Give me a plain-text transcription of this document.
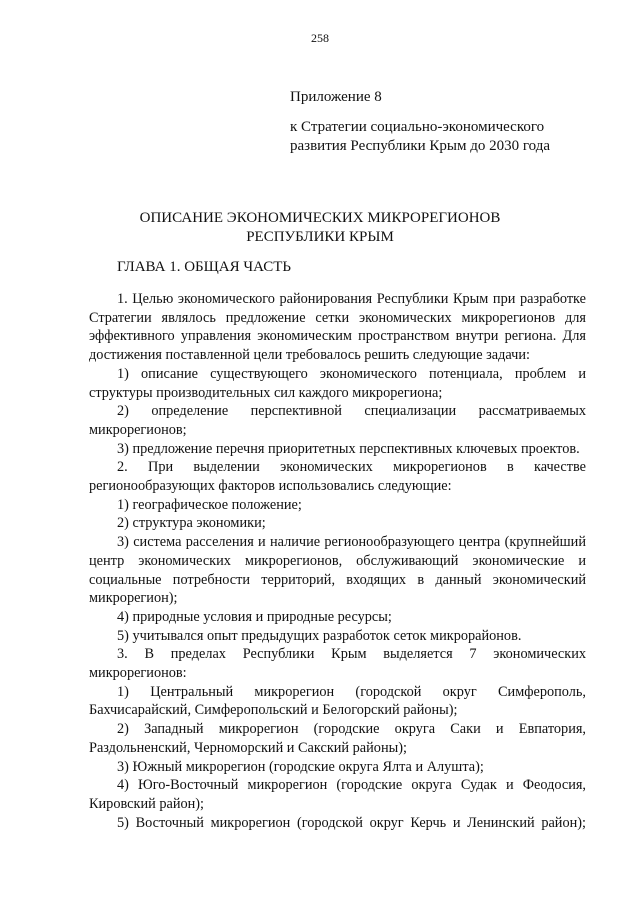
258
Приложение 8
к Стратегии социально-экономического
развития Республики Крым до 2030 года
ОПИСАНИЕ ЭКОНОМИЧЕСКИХ МИКРОРЕГИОНОВ
РЕСПУБЛИКИ КРЫМ
ГЛАВА 1. ОБЩАЯ ЧАСТЬ

1. Целью экономического районирования Республики Крым при разработке Стратегии являлось предложение сетки экономических микрорегионов для эффективного управления экономическим пространством внутри региона. Для достижения поставленной цели требовалось решить следующие задачи:

1) описание существующего экономического потенциала, проблем и структуры производительных сил каждого микрорегиона;

2) определение перспективной специализации рассматриваемых микрорегионов;

3) предложение перечня приоритетных перспективных ключевых проектов.

2. При выделении экономических микрорегионов в качестве регионообразующих факторов использовались следующие:

1) географическое положение;

2) структура экономики;

3) система расселения и наличие регионообразующего центра (крупнейший центр экономических микрорегионов, обслуживающий экономические и социальные потребности территорий, входящих в данный экономический микрорегион);

4) природные условия и природные ресурсы;

5) учитывался опыт предыдущих разработок сеток микрорайонов.

3. В пределах Республики Крым выделяется 7 экономических микрорегионов:

1) Центральный микрорегион (городской округ Симферополь, Бахчисарайский, Симферопольский и Белогорский районы);

2) Западный микрорегион (городские округа Саки и Евпатория, Раздольненский, Черноморский и Сакский районы);

3) Южный микрорегион (городские округа Ялта и Алушта);

4) Юго-Восточный микрорегион (городские округа Судак и Феодосия, Кировский район);

5) Восточный микрорегион (городской округ Керчь и Ленинский район);
